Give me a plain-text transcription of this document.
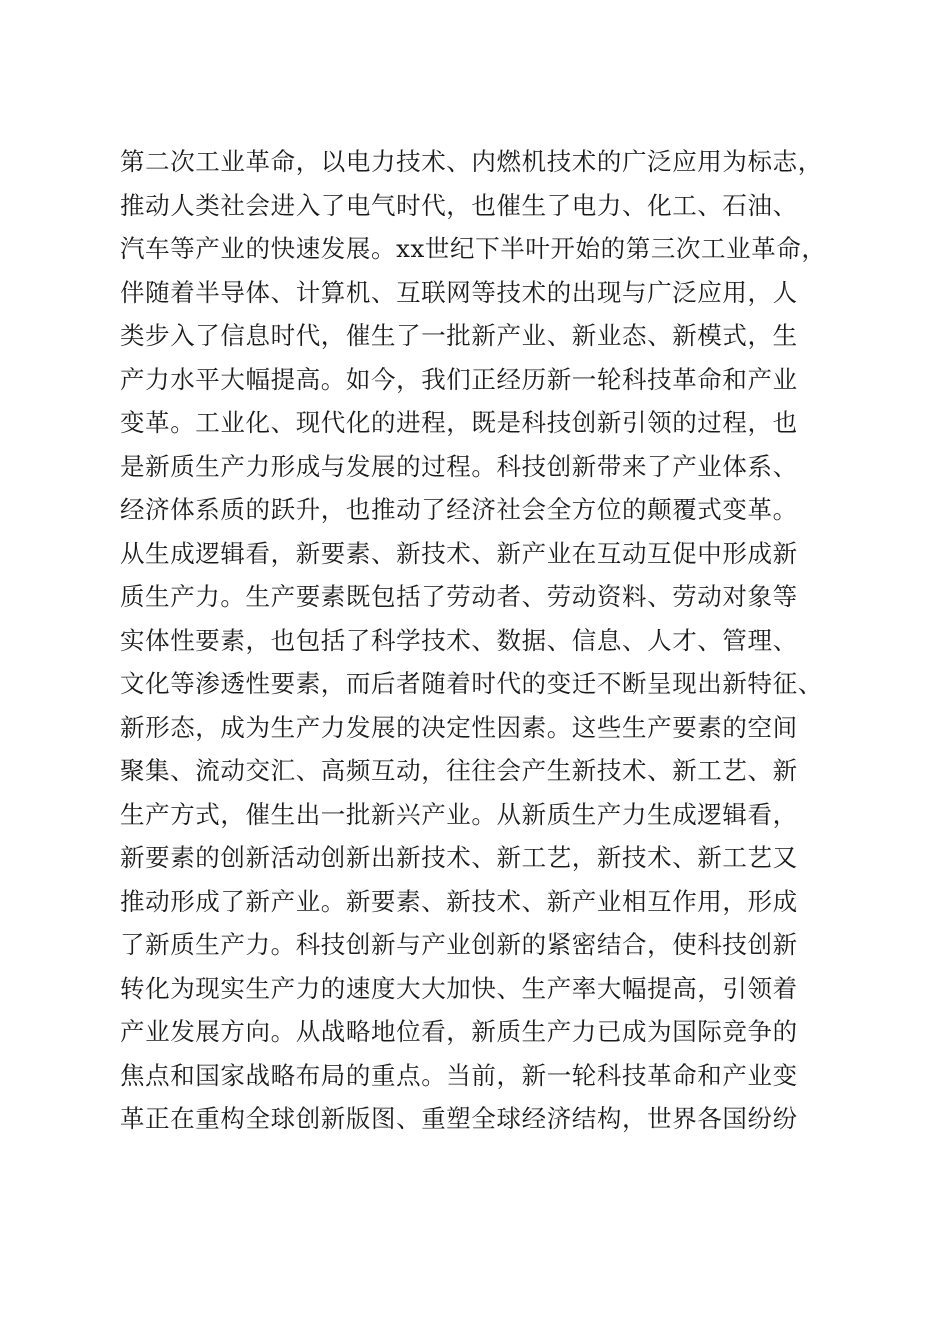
第二次工业革命，以电力技术、内燃机技术的广泛应用为标志，
推动人类社会进入了电气时代，也催生了电力、化工、石油、
汽车等产业的快速发展。xx世纪下半叶开始的第三次工业革命，
伴随着半导体、计算机、互联网等技术的出现与广泛应用，人
类步入了信息时代，催生了一批新产业、新业态、新模式，生
产力水平大幅提高。如今，我们正经历新一轮科技革命和产业
变革。工业化、现代化的进程，既是科技创新引领的过程，也
是新质生产力形成与发展的过程。科技创新带来了产业体系、
经济体系质的跃升，也推动了经济社会全方位的颠覆式变革。
从生成逻辑看，新要素、新技术、新产业在互动互促中形成新
质生产力。生产要素既包括了劳动者、劳动资料、劳动对象等
实体性要素，也包括了科学技术、数据、信息、人才、管理、
文化等渗透性要素，而后者随着时代的变迁不断呈现出新特征、
新形态，成为生产力发展的决定性因素。这些生产要素的空间
聚集、流动交汇、高频互动，往往会产生新技术、新工艺、新
生产方式，催生出一批新兴产业。从新质生产力生成逻辑看，
新要素的创新活动创新出新技术、新工艺，新技术、新工艺又
推动形成了新产业。新要素、新技术、新产业相互作用，形成
了新质生产力。科技创新与产业创新的紧密结合，使科技创新
转化为现实生产力的速度大大加快、生产率大幅提高，引领着
产业发展方向。从战略地位看，新质生产力已成为国际竞争的
焦点和国家战略布局的重点。当前，新一轮科技革命和产业变
革正在重构全球创新版图、重塑全球经济结构，世界各国纷纷
